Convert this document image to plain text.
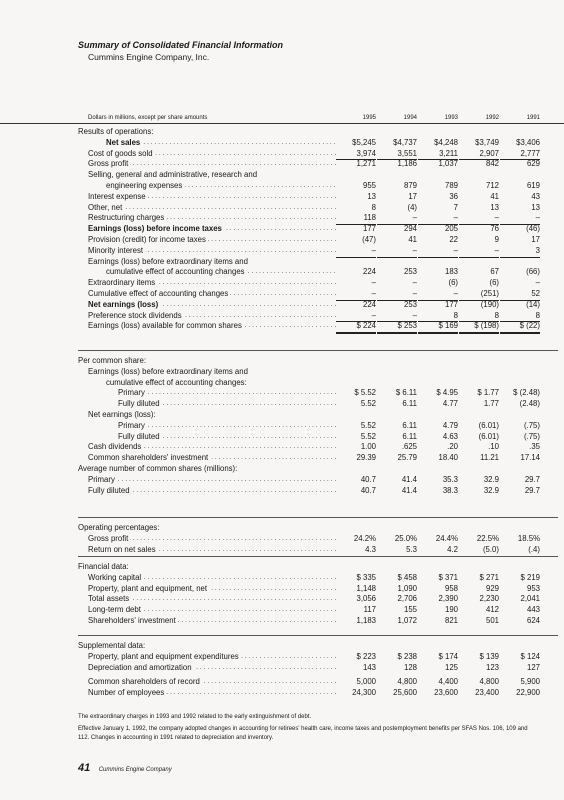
Summary of Consolidated Financial Information
Cummins Engine Company, Inc.
Dollars in millions, except per share amounts	1995	1994	1993	1992	1991
Results of operations:
Net sales . . .	$5,245	$4,737	$4,248	$3,749	$3,406
Cost of goods sold . . .	3,974	3,551	3,211	2,907	2,777
Gross profit . . .	1,271	1,186	1,037	842	629
Selling, general and administrative, research and
engineering expenses . . .	955	879	789	712	619
Interest expense . . .	13	17	36	41	43
Other, net . . .	8	(4)	7	13	13
Restructuring charges . . .	118	–	–	–	–
Earnings (loss) before income taxes . . .	177	294	205	76	(46)
Provision (credit) for income taxes . . .	(47)	41	22	9	17
Minority interest . . .	–	–	–	–	3
Earnings (loss) before extraordinary items and
cumulative effect of accounting changes . . .	224	253	183	67	(66)
Extraordinary items . . .	–	–	(6)	(6)	–
Cumulative effect of accounting changes . . .	–	–	–	(251)	52
Net earnings (loss) . . .	224	253	177	(190)	(14)
Preference stock dividends . . .	–	–	8	8	8
Earnings (loss) available for common shares . . .	$ 224	$ 253	$ 169	$ (198)	$ (22)
Per common share:
Earnings (loss) before extraordinary items and
cumulative effect of accounting changes:
Primary . . .	$ 5.52	$ 6.11	$ 4.95	$ 1.77	$ (2.48)
Fully diluted . . .	5.52	6.11	4.77	1.77	(2.48)
Net earnings (loss):
Primary . . .	5.52	6.11	4.79	(6.01)	(.75)
Fully diluted . . .	5.52	6.11	4.63	(6.01)	(.75)
Cash dividends . . .	1.00	.625	.20	.10	.35
Common shareholders' investment . . .	29.39	25.79	18.40	11.21	17.14
Average number of common shares (millions):
Primary . . .	40.7	41.4	35.3	32.9	29.7
Fully diluted . . .	40.7	41.4	38.3	32.9	29.7
Operating percentages:
Gross profit . . .	24.2%	25.0%	24.4%	22.5%	18.5%
Return on net sales . . .	4.3	5.3	4.2	(5.0)	(.4)
Financial data:
Working capital . . .	$ 335	$ 458	$ 371	$ 271	$ 219
Property, plant and equipment, net . . .	1,148	1,090	958	929	953
Total assets . . .	3,056	2,706	2,390	2,230	2,041
Long-term debt . . .	117	155	190	412	443
Shareholders' investment . . .	1,183	1,072	821	501	624
Supplemental data:
Property, plant and equipment expenditures . . .	$ 223	$ 238	$ 174	$ 139	$ 124
Depreciation and amortization . . .	143	128	125	123	127
Common shareholders of record . . .	5,000	4,800	4,400	4,800	5,900
Number of employees . . .	24,300	25,600	23,600	23,400	22,900
The extraordinary charges in 1993 and 1992 related to the early extinguishment of debt.
Effective January 1, 1992, the company adopted changes in accounting for retirees' health care, income taxes and postemployment benefits per SFAS Nos. 106, 109 and 112. Changes in accounting in 1991 related to depreciation and inventory.
41 Cummins Engine Company
